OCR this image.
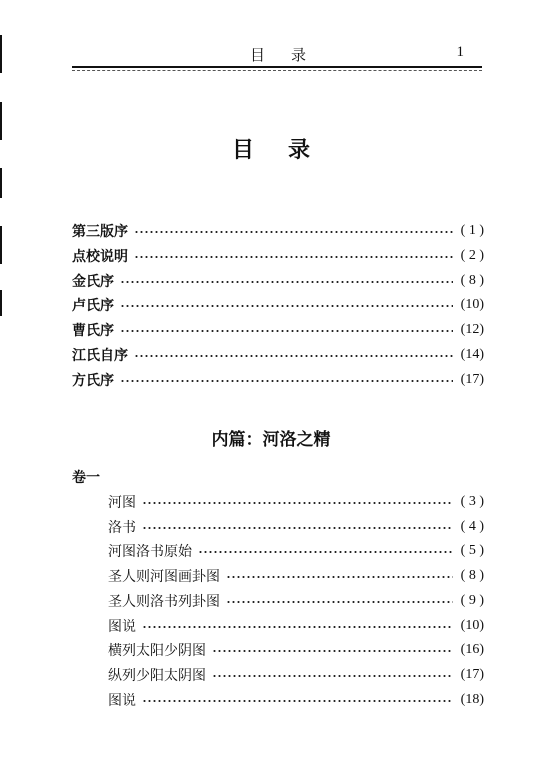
目录	1
目录
第三版序	( 1 )
点校说明	( 2 )
金氏序	( 8 )
卢氏序	(10)
曹氏序	(12)
江氏自序	(14)
方氏序	(17)
内篇：河洛之精
卷一
河图	( 3 )
洛书	( 4 )
河图洛书原始	( 5 )
圣人则河图画卦图	( 8 )
圣人则洛书列卦图	( 9 )
图说	(10)
横列太阳少阴图	(16)
纵列少阳太阴图	(17)
图说	(18)
